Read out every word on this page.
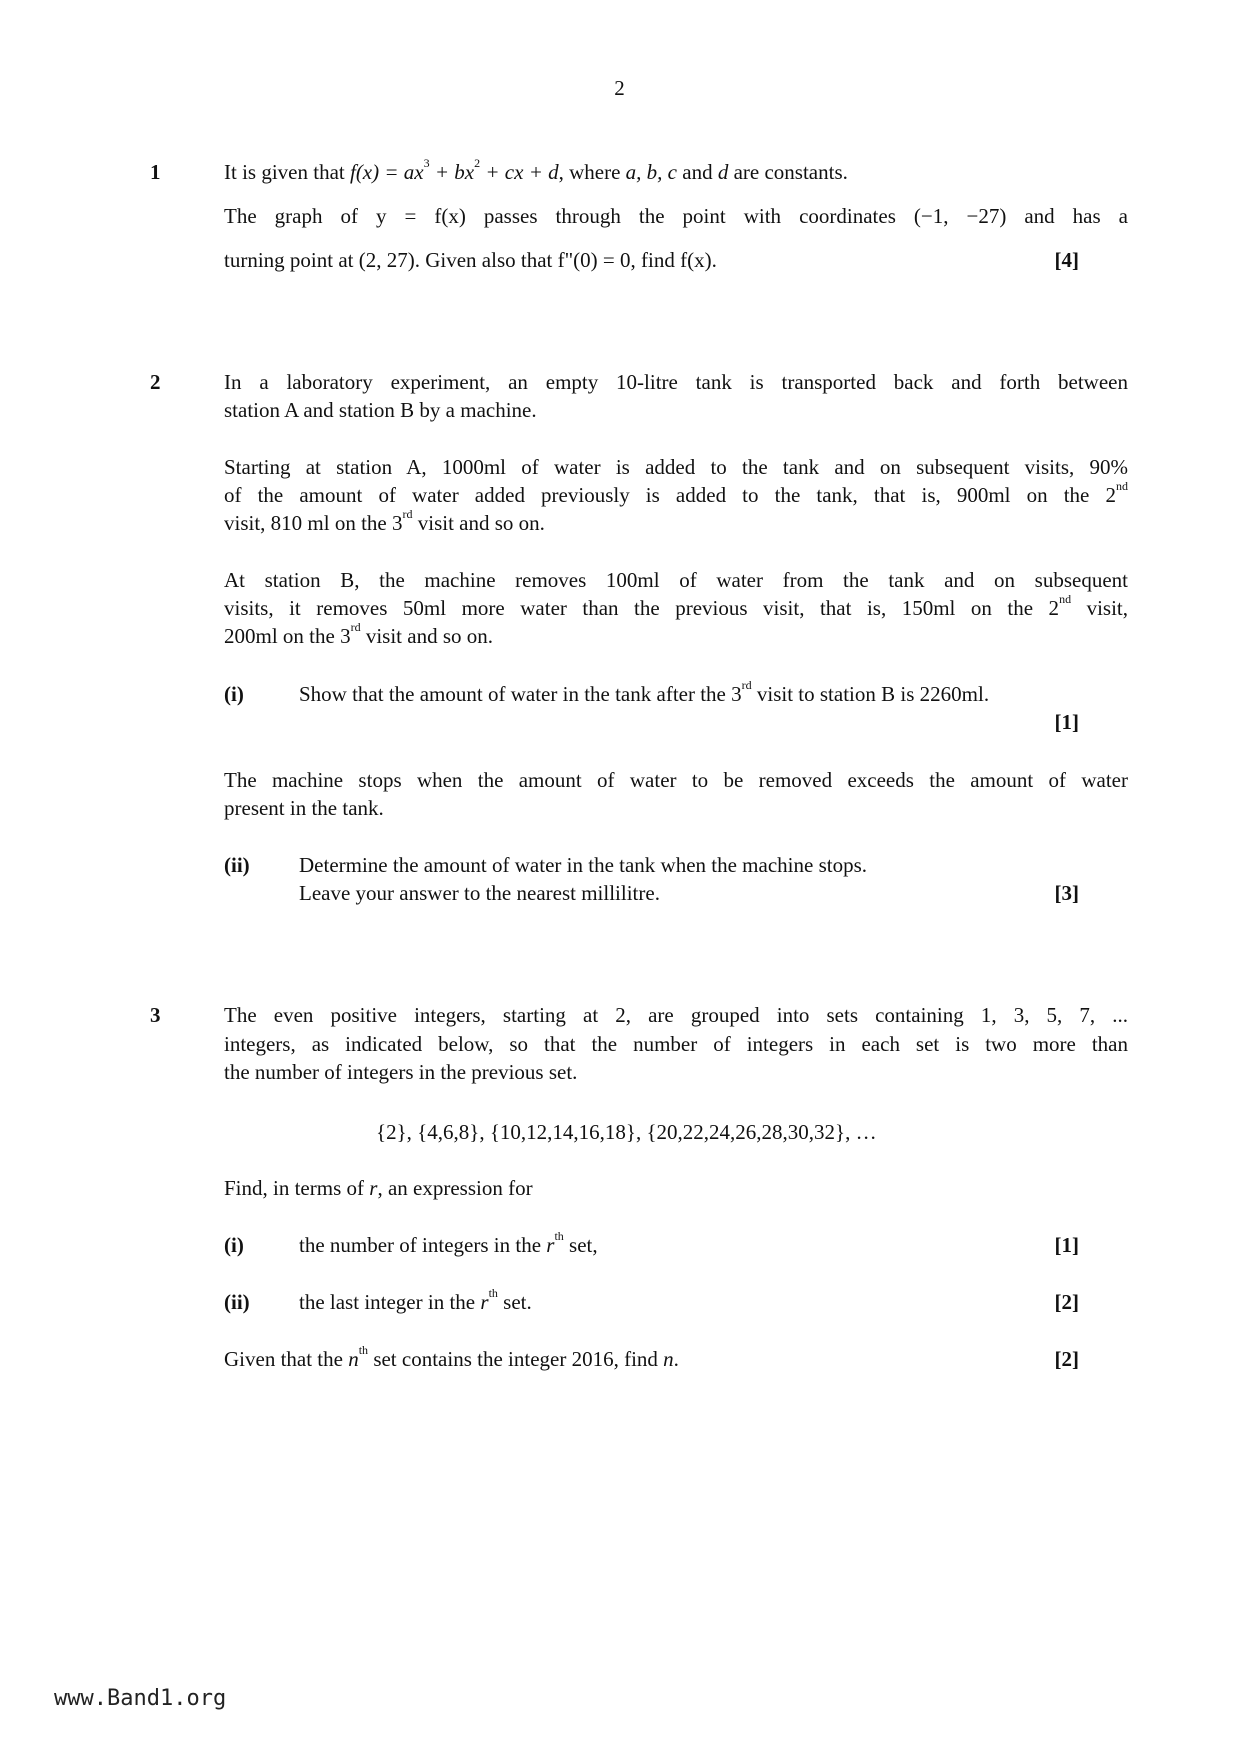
2
1	It is given that $f(x) = ax^3 + bx^2$ + cx + d, where a, b, c and d are constants.
The graph of y = f(x) passes through the point with coordinates (−1, −27) and has a
turning point at (2, 27). Given also that f"(0) = 0, find f(x).	[4]
2	In a laboratory experiment, an empty 10-litre tank is transported back and forth between
station A and station B by a machine.
Starting at station A, 1000ml of water is added to the tank and on subsequent visits, 90%
of the amount of water added previously is added to the tank, that is, 900ml on the 2nd
visit, 810 ml on the 3rd visit and so on.
At station B, the machine removes 100ml of water from the tank and on subsequent
visits, it removes 50ml more water than the previous visit, that is, 150ml on the 2nd visit,
200ml on the 3rd visit and so on.
(i)	Show that the amount of water in the tank after the 3rd visit to station B is 2260ml.
[1]
The machine stops when the amount of water to be removed exceeds the amount of water
present in the tank.
(ii) Determine the amount of water in the tank when the machine stops.
Leave your answer to the nearest millilitre.	[3]
3	The even positive integers, starting at 2, are grouped into sets containing 1, 3, 5, 7, ...
integers, as indicated below, so that the number of integers in each set is two more than
the number of integers in the previous set.
{2}, {4,6,8}, {10,12,14,16,18}, {20,22,24,26,28,30,32}, …
Find, in terms of r, an expression for
(i)	the number of integers in the $r^{th}$ set,	[1]
(ii) the last integer in the $r^{th}$ set.	[2]
Given that the $n^{th}$ set contains the integer 2016, find n.	[2]
www.Band1.org
